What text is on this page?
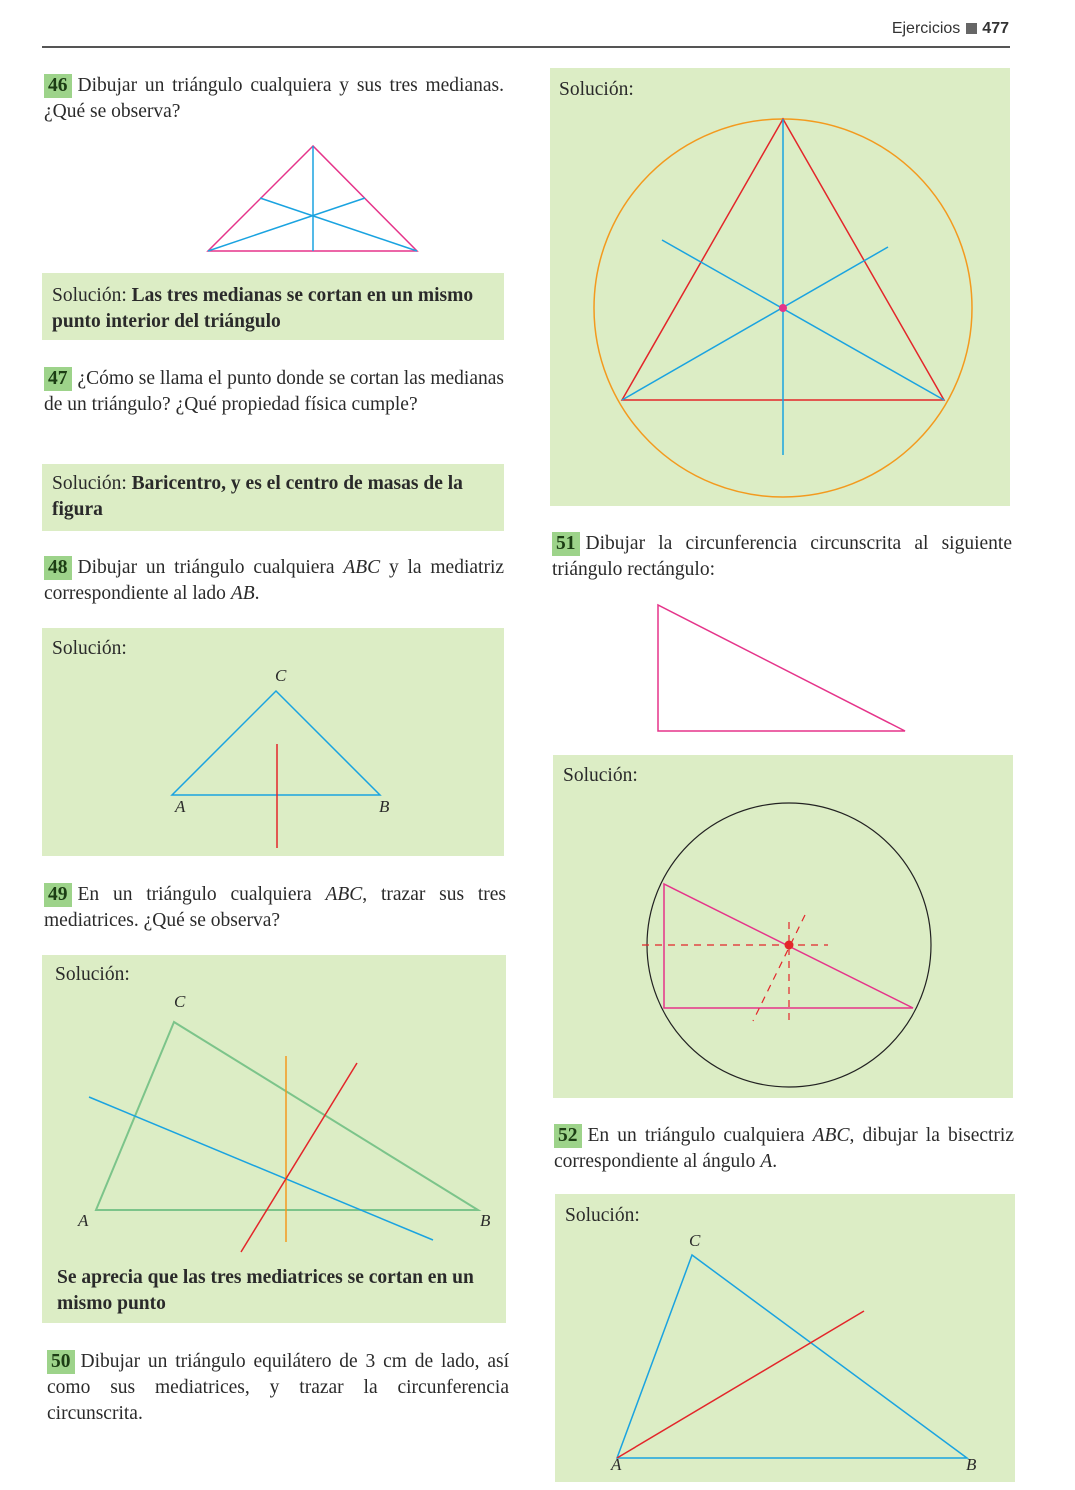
Ejercicios 477
46 Dibujar un triángulo cualquiera y sus tres medianas. ¿Qué se observa?
Solución: Las tres medianas se cortan en un mismo punto interior del triángulo
47 ¿Cómo se llama el punto donde se cortan las medianas de un triángulo? ¿Qué propiedad física cumple?
Solución: Baricentro, y es el centro de masas de la figura
48 Dibujar un triángulo cualquiera ABC y la mediatriz correspondiente al lado AB.
Solución:
C
A	B
49 En un triángulo cualquiera ABC, trazar sus tres mediatrices. ¿Qué se observa?
Solución:
C
A	B
Se aprecia que las tres mediatrices se cortan en un mismo punto
50 Dibujar un triángulo equilátero de 3 cm de lado, así como sus mediatrices, y trazar la circunferencia circunscrita.
Solución:
51 Dibujar la circunferencia circunscrita al siguiente triángulo rectángulo:
Solución:
52 En un triángulo cualquiera ABC, dibujar la bisectriz correspondiente al ángulo A.
Solución:
C
A	B
